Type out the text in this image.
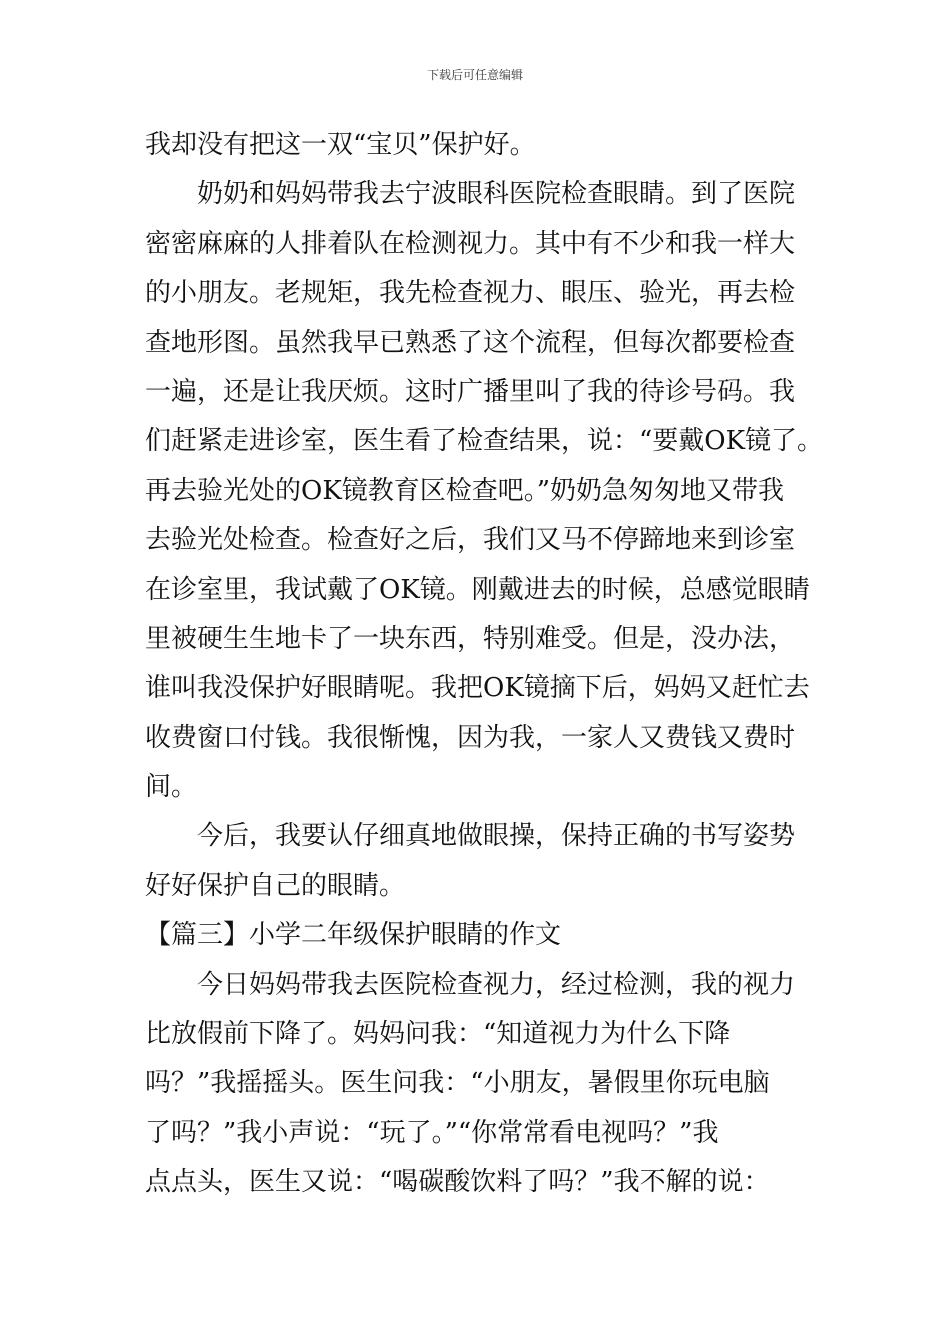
下载后可任意编辑
我却没有把这一双“宝贝”保护好。
奶奶和妈妈带我去宁波眼科医院检查眼睛。到了医院
密密麻麻的人排着队在检测视力。其中有不少和我一样大
的小朋友。老规矩，我先检查视力、眼压、验光，再去检
查地形图。虽然我早已熟悉了这个流程，但每次都要检查
一遍，还是让我厌烦。这时广播里叫了我的待诊号码。我
们赶紧走进诊室，医生看了检查结果，说：“要戴OK镜了。
再去验光处的OK镜教育区检查吧。”奶奶急匆匆地又带我
去验光处检查。检查好之后，我们又马不停蹄地来到诊室
在诊室里，我试戴了OK镜。刚戴进去的时候，总感觉眼睛
里被硬生生地卡了一块东西，特别难受。但是，没办法，
谁叫我没保护好眼睛呢。我把OK镜摘下后，妈妈又赶忙去
收费窗口付钱。我很惭愧，因为我，一家人又费钱又费时
间。
今后，我要认仔细真地做眼操，保持正确的书写姿势
好好保护自己的眼睛。
【篇三】小学二年级保护眼睛的作文
今日妈妈带我去医院检查视力，经过检测，我的视力
比放假前下降了。妈妈问我：“知道视力为什么下降
吗？”我摇摇头。医生问我：“小朋友，暑假里你玩电脑
了吗？”我小声说：“玩了。”“你常常看电视吗？”我
点点头，医生又说：“喝碳酸饮料了吗？”我不解的说：
